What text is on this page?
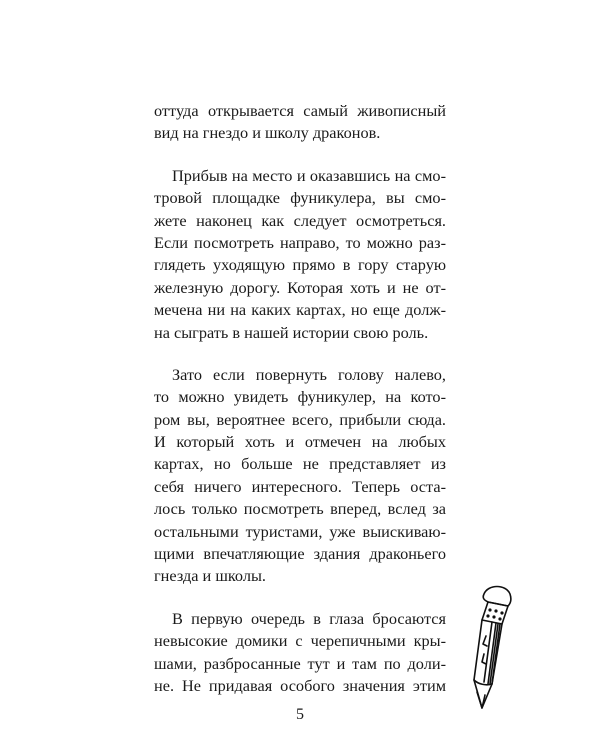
оттуда открывается самый живописный
вид на гнездо и школу драконов.
Прибыв на место и оказавшись на смо-
тровой площадке фуникулера, вы смо-
жете наконец как следует осмотреться.
Если посмотреть направо, то можно раз-
глядеть уходящую прямо в гору старую
железную дорогу. Которая хоть и не от-
мечена ни на каких картах, но еще долж-
на сыграть в нашей истории свою роль.
Зато если повернуть голову налево,
то можно увидеть фуникулер, на кото-
ром вы, вероятнее всего, прибыли сюда.
И который хоть и отмечен на любых
картах, но больше не представляет из
себя ничего интересного. Теперь оста-
лось только посмотреть вперед, вслед за
остальными туристами, уже выискиваю-
щими впечатляющие здания драконьего
гнезда и школы.
В первую очередь в глаза бросаются
невысокие домики с черепичными кры-
шами, разбросанные тут и там по доли-
не. Не придавая особого значения этим
5
